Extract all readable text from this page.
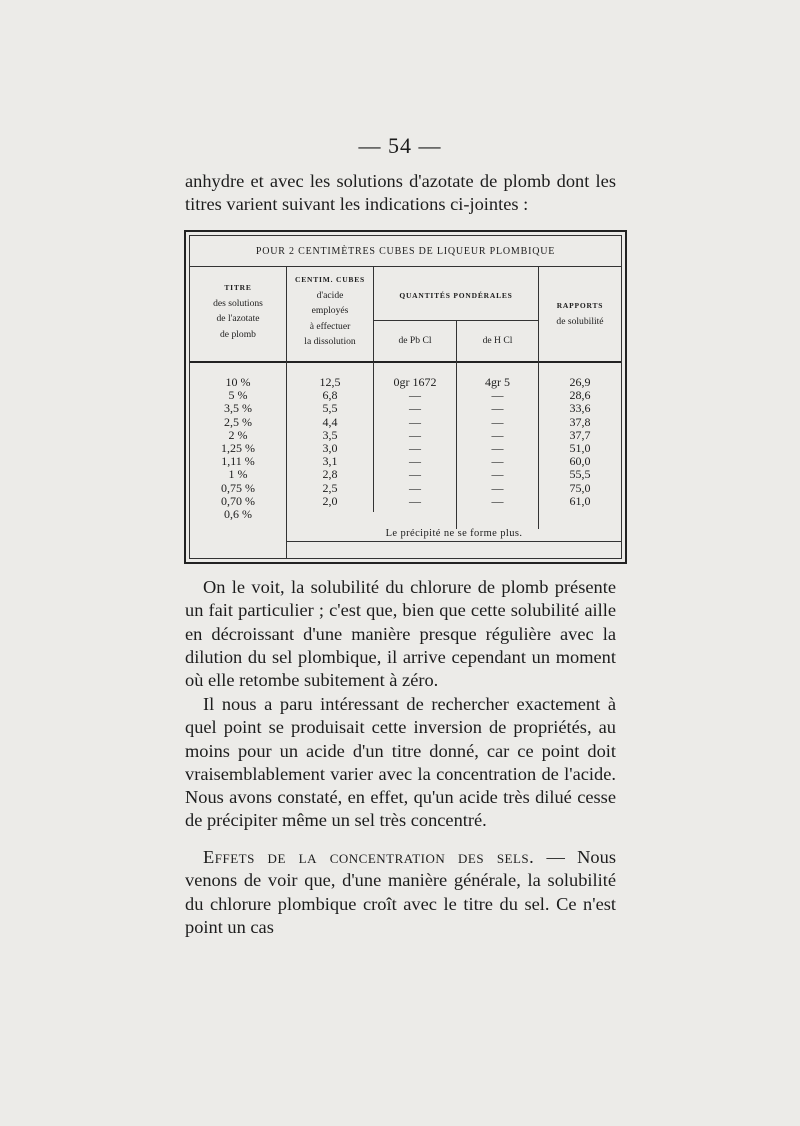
— 54 —

anhydre et avec les solutions d'azotate de plomb dont les titres varient suivant les indications ci-jointes :

POUR 2 CENTIMÈTRES CUBES DE LIQUEUR PLOMBIQUE
TITRE
des solutions
de l'azotate
de plomb
CENTIM. CUBES
d'acide
employés
à effectuer
la dissolution
QUANTITÉS PONDÉRALES
de Pb Cl	de H Cl
RAPPORTS
de solubilité
10 %
5 %
3,5 %
2,5 %
2 %
1,25 %
1,11 %
1 %
0,75 %
0,70 %
0,6 %
12,5
6,8
5,5
4,4
3,5
3,0
3,1
2,8
2,5
2,0
0gr 1672
—
—
—
—
—
—
—
—
—
4gr 5
—
—
—
—
—
—
—
—
—
26,9
28,6
33,6
37,8
37,7
51,0
60,0
55,5
75,0
61,0
Le précipité ne se forme plus.

On le voit, la solubilité du chlorure de plomb présente un fait particulier ; c'est que, bien que cette solubilité aille en décroissant d'une manière presque régulière avec la dilution du sel plombique, il arrive cependant un moment où elle retombe subitement à zéro.

Il nous a paru intéressant de rechercher exactement à quel point se produisait cette inversion de propriétés, au moins pour un acide d'un titre donné, car ce point doit vraisemblablement varier avec la concentration de l'acide. Nous avons constaté, en effet, qu'un acide très dilué cesse de précipiter même un sel très concentré.

Effets de la concentration des sels. — Nous venons de voir que, d'une manière générale, la solubilité du chlorure plombique croît avec le titre du sel. Ce n'est point un cas
